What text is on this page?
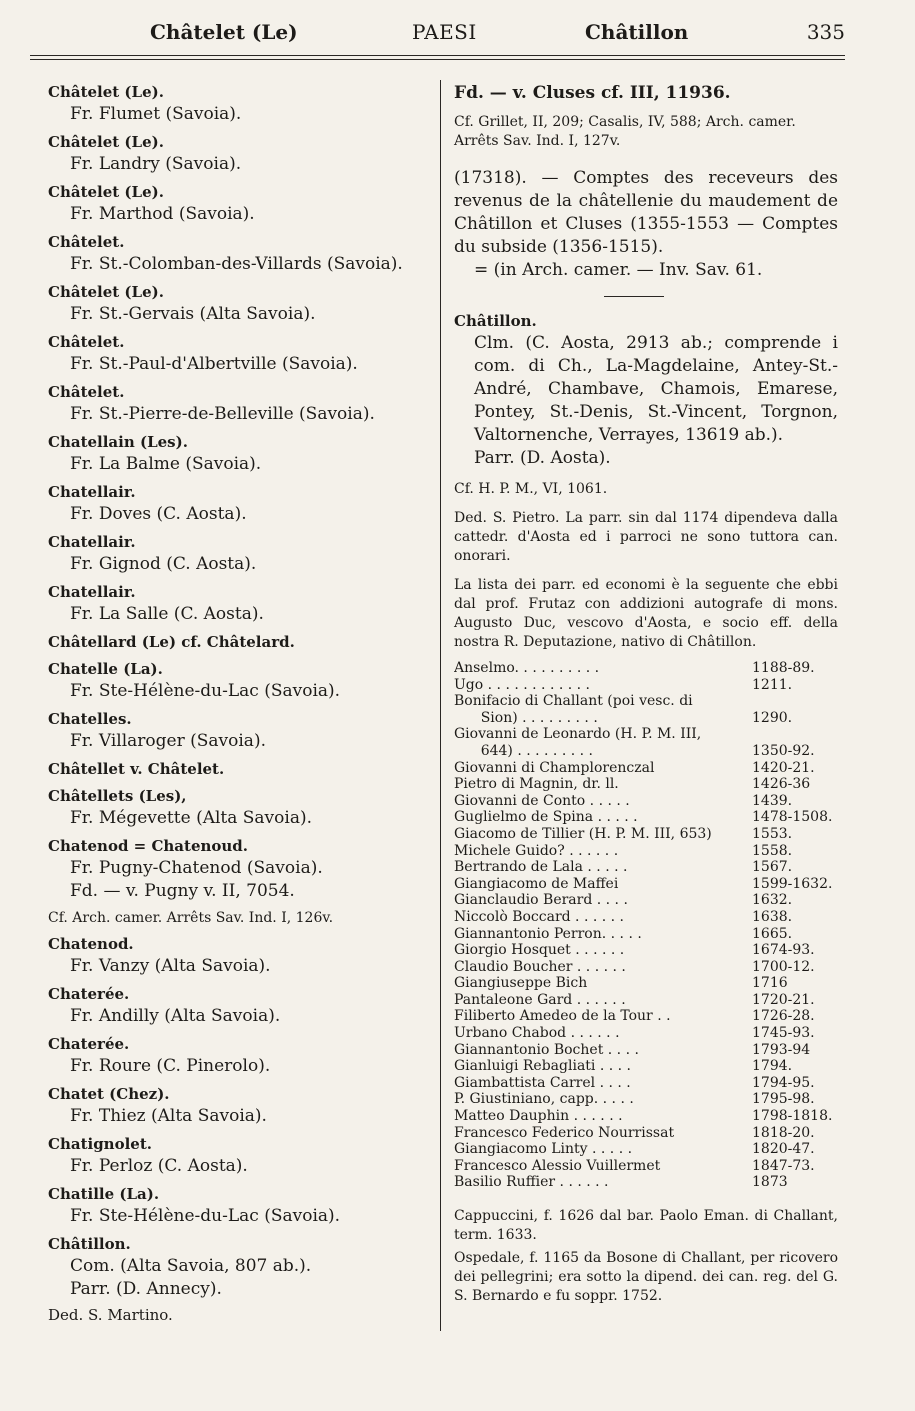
Châtelet (Le)	PAESI	Châtillon	335
Châtelet (Le).
Fr. Flumet (Savoia).
Châtelet (Le).
Fr. Landry (Savoia).
Châtelet (Le).
Fr. Marthod (Savoia).
Châtelet.
Fr. St.-Colomban-des-Villards (Savoia).
Châtelet (Le).
Fr. St.-Gervais (Alta Savoia).
Châtelet.
Fr. St.-Paul-d'Albertville (Savoia).
Châtelet.
Fr. St.-Pierre-de-Belleville (Savoia).
Chatellain (Les).
Fr. La Balme (Savoia).
Chatellair.
Fr. Doves (C. Aosta).
Chatellair.
Fr. Gignod (C. Aosta).
Chatellair.
Fr. La Salle (C. Aosta).
Châtellard (Le) cf. Châtelard.
Chatelle (La).
Fr. Ste-Hélène-du-Lac (Savoia).
Chatelles.
Fr. Villaroger (Savoia).
Châtellet v. Châtelet.
Châtellets (Les),
Fr. Mégevette (Alta Savoia).
Chatenod = Chatenoud.
Fr. Pugny-Chatenod (Savoia).
Fd. — v. Pugny v. II, 7054.
Cf. Arch. camer. Arrêts Sav. Ind. I, 126v.
Chatenod.
Fr. Vanzy (Alta Savoia).
Chaterée.
Fr. Andilly (Alta Savoia).
Chaterée.
Fr. Roure (C. Pinerolo).
Chatet (Chez).
Fr. Thiez (Alta Savoia).
Chatignolet.
Fr. Perloz (C. Aosta).
Chatille (La).
Fr. Ste-Hélène-du-Lac (Savoia).
Châtillon.
Com. (Alta Savoia, 807 ab.).
Parr. (D. Annecy).
Ded. S. Martino.
Fd. — v. Cluses cf. III, 11936.
Cf. Grillet, II, 209; Casalis, IV, 588; Arch. camer. Arrêts Sav. Ind. I, 127v.
(17318). — Comptes des receveurs des revenus de la châtellenie du maudement de Châtillon et Cluses (1355-1553 — Comptes du subside (1356-1515).
= (in Arch. camer. — Inv. Sav. 61.
Châtillon.
Clm. (C. Aosta, 2913 ab.; comprende i com. di Ch., La-Magdelaine, Antey-St.-André, Chambave, Chamois, Emarese, Pontey, St.-Denis, St.-Vincent, Torgnon, Valtornenche, Verrayes, 13619 ab.).
Parr. (D. Aosta).
Cf. H. P. M., VI, 1061.
Ded. S. Pietro. La parr. sin dal 1174 dipendeva dalla cattedr. d'Aosta ed i parroci ne sono tuttora can. onorari.
La lista dei parr. ed economi è la seguente che ebbi dal prof. Frutaz con addizioni autografe di mons. Augusto Duc, vescovo d'Aosta, e socio eff. della nostra R. Deputazione, nativo di Châtillon.
Anselmo. . . . . . . . . .	1188-89.
Ugo . . . . . . . . . . . .	1211.
Bonifacio di Challant (poi vesc. di
Sion) . . . . . . . . .	1290.
Giovanni de Leonardo (H. P. M. III,
644) . . . . . . . . .	1350-92.
Giovanni di Champlorenczal	1420-21.
Pietro di Magnin, dr. ll.	1426-36
Giovanni de Conto . . . . .	1439.
Guglielmo de Spina . . . . .	1478-1508.
Giacomo de Tillier (H. P. M. III, 653)	1553.
Michele Guido? . . . . . .	1558.
Bertrando de Lala . . . . .	1567.
Giangiacomo de Maffei	1599-1632.
Gianclaudio Berard . . . .	1632.
Niccolò Boccard . . . . . .	1638.
Giannantonio Perron. . . . .	1665.
Giorgio Hosquet . . . . . .	1674-93.
Claudio Boucher . . . . . .	1700-12.
Giangiuseppe Bich	1716
Pantaleone Gard . . . . . .	1720-21.
Filiberto Amedeo de la Tour . .	1726-28.
Urbano Chabod . . . . . .	1745-93.
Giannantonio Bochet . . . .	1793-94
Gianluigi Rebagliati . . . .	1794.
Giambattista Carrel . . . .	1794-95.
P. Giustiniano, capp. . . . .	1795-98.
Matteo Dauphin . . . . . .	1798-1818.
Francesco Federico Nourrissat	1818-20.
Giangiacomo Linty . . . . .	1820-47.
Francesco Alessio Vuillermet	1847-73.
Basilio Ruffier . . . . . .	1873
Cappuccini, f. 1626 dal bar. Paolo Eman. di Challant, term. 1633.
Ospedale, f. 1165 da Bosone di Challant, per ricovero dei pellegrini; era sotto la dipend. dei can. reg. del G. S. Bernardo e fu soppr. 1752.
